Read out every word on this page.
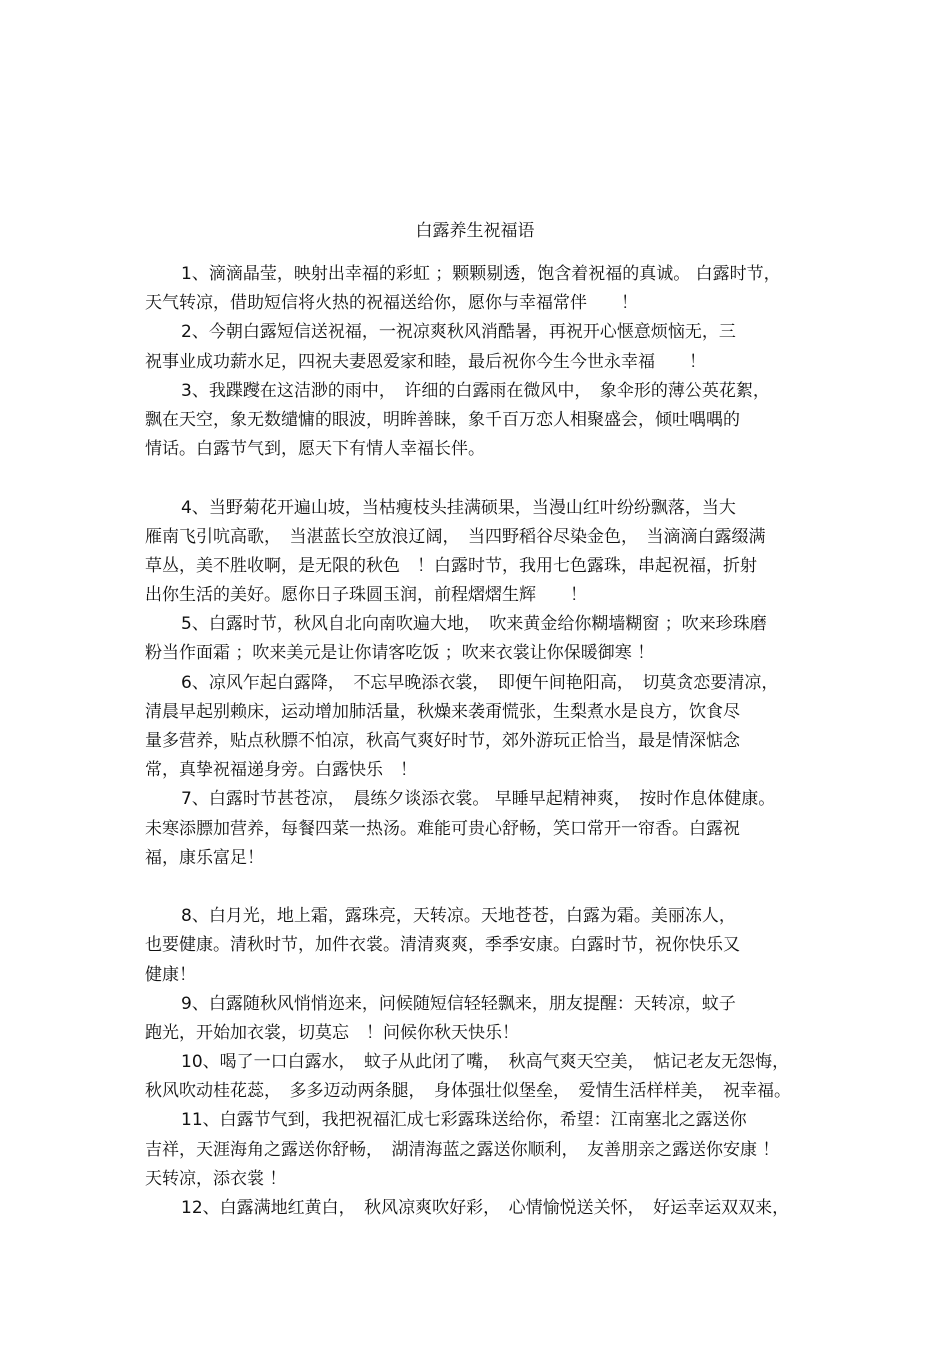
白露养生祝福语
1、滴滴晶莹，映射出幸福的彩虹 ；颗颗剔透，饱含着祝福的真诚。 白露时节，
天气转凉，借助短信将火热的祝福送给你，愿你与幸福常伴　　！
2、今朝白露短信送祝福，一祝凉爽秋风消酷暑，再祝开心惬意烦恼无，三
祝事业成功薪水足，四祝夫妻恩爱家和睦，最后祝你今生今世永幸福　　！
3、我蹀躞在这洁渺的雨中，　许细的白露雨在微风中，　象伞形的薄公英花絮，
飘在天空，象无数缱慵的眼波，明眸善睐，象千百万恋人相聚盛会，倾吐喁喁的
情话。白露节气到，愿天下有情人幸福长伴。
4、当野菊花开遍山坡，当枯瘦枝头挂满硕果，当漫山红叶纷纷飘落，当大
雁南飞引吭高歌，　当湛蓝长空放浪辽阔，　当四野稻谷尽染金色，　当滴滴白露缀满
草丛，美不胜收啊，是无限的秋色　！白露时节，我用七色露珠，串起祝福，折射
出你生活的美好。愿你日子珠圆玉润，前程熠熠生辉　　！
5、白露时节，秋风自北向南吹遍大地，　吹来黄金给你糊墙糊窗 ；吹来珍珠磨
粉当作面霜 ；吹来美元是让你请客吃饭 ；吹来衣裳让你保暖御寒 ！
6、凉风乍起白露降，　不忘早晚添衣裳，　即便午间艳阳高，　切莫贪恋要清凉，
清晨早起别赖床，运动增加肺活量，秋燥来袭甭慌张，生梨煮水是良方，饮食尽
量多营养，贴点秋膘不怕凉，秋高气爽好时节，郊外游玩正恰当，最是情深惦念
常，真挚祝福递身旁。白露快乐　！
7、白露时节甚苍凉，　晨练夕谈添衣裳。 早睡早起精神爽，　按时作息体健康。
未寒添膘加营养，每餐四菜一热汤。难能可贵心舒畅，笑口常开一帘香。白露祝
福，康乐富足！
8、白月光，地上霜，露珠亮，天转凉。天地苍苍，白露为霜。美丽冻人，
也要健康。清秋时节，加件衣裳。清清爽爽，季季安康。白露时节，祝你快乐又
健康！
9、白露随秋风悄悄迩来，问候随短信轻轻飘来，朋友提醒：天转凉，蚊子
跑光，开始加衣裳，切莫忘　！问候你秋天快乐！
10、喝了一口白露水，　蚊子从此闭了嘴，　秋高气爽天空美，　惦记老友无怨悔，
秋风吹动桂花蕊，　多多迈动两条腿，　身体强壮似堡垒，　爱情生活样样美，　祝幸福。
11、白露节气到，我把祝福汇成七彩露珠送给你，希望：江南塞北之露送你
吉祥，天涯海角之露送你舒畅，　湖清海蓝之露送你顺利，　友善朋亲之露送你安康 ！
天转凉，添衣裳 ！
12、白露满地红黄白，　秋风凉爽吹好彩，　心情愉悦送关怀，　好运幸运双双来，
